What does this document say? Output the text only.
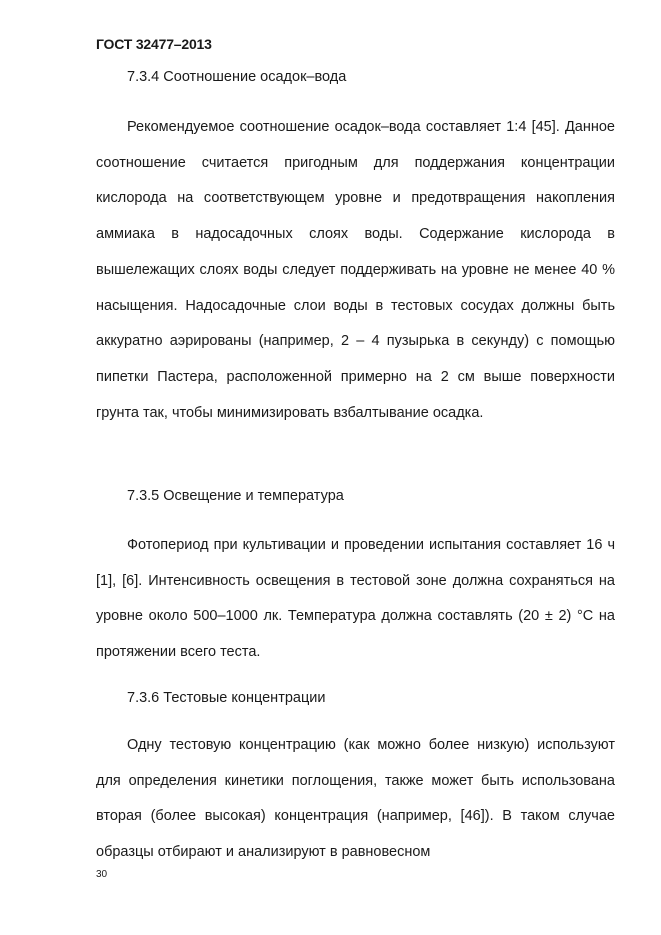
ГОСТ 32477–2013
7.3.4 Соотношение осадок–вода

Рекомендуемое соотношение осадок–вода составляет 1:4 [45]. Данное соотношение считается пригодным для поддержания концентрации кислорода на соответствующем уровне и предотвращения накопления аммиака в надосадочных слоях воды. Содержание кислорода в вышележащих слоях воды следует поддерживать на уровне не менее 40 % насыщения. Надосадочные слои воды в тестовых сосудах должны быть аккуратно аэрированы (например, 2 – 4 пузырька в секунду) с помощью пипетки Пастера, расположенной примерно на 2 см выше поверхности грунта так, чтобы минимизировать взбалтывание осадка.

7.3.5 Освещение и температура

Фотопериод при культивации и проведении испытания составляет 16 ч [1], [6]. Интенсивность освещения в тестовой зоне должна сохраняться на уровне около 500–1000 лк. Температура должна составлять (20 ± 2) °С на протяжении всего теста.

7.3.6 Тестовые концентрации

Одну тестовую концентрацию (как можно более низкую) используют для определения кинетики поглощения, также может быть использована вторая (более высокая) концентрация (например, [46]). В таком случае образцы отбирают и анализируют в равновесном

30
